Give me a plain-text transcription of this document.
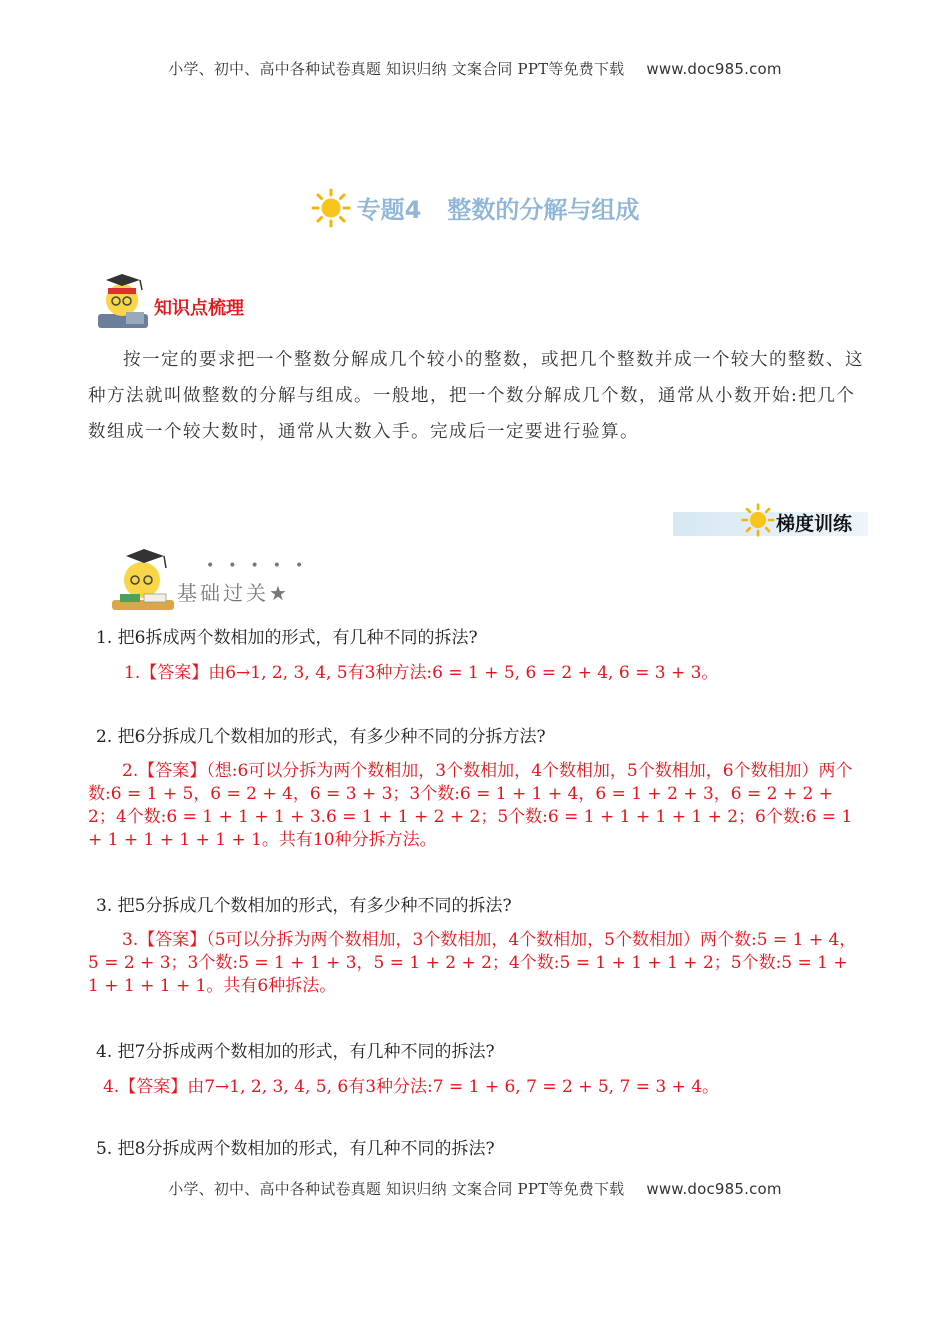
小学、初中、高中各种试卷真题 知识归纳 文案合同 PPT等免费下载 www.doc985.com
专题4 整数的分解与组成
知识点梳理
按一定的要求把一个整数分解成几个较小的整数，或把几个整数并成一个较大的整数、这种方法就叫做整数的分解与组成。一般地，把一个数分解成几个数，通常从小数开始:把几个数组成一个较大数时，通常从大数入手。完成后一定要进行验算。
梯度训练
•••••
基础过关★
1. 把6拆成两个数相加的形式，有几种不同的拆法?
1.【答案】由6→1, 2, 3, 4, 5有3种方法:6 = 1 + 5, 6 = 2 + 4, 6 = 3 + 3。
2. 把6分拆成几个数相加的形式，有多少种不同的分拆方法?
2.【答案】（想:6可以分拆为两个数相加，3个数相加，4个数相加，5个数相加，6个数相加）两个数:6 = 1 + 5，6 = 2 + 4，6 = 3 + 3；3个数:6 = 1 + 1 + 4，6 = 1 + 2 + 3，6 = 2 + 2 + 2；4个数:6 = 1 + 1 + 1 + 3.6 = 1 + 1 + 2 + 2；5个数:6 = 1 + 1 + 1 + 1 + 2；6个数:6 = 1 + 1 + 1 + 1 + 1 + 1。共有10种分拆方法。
3. 把5分拆成几个数相加的形式，有多少种不同的拆法?
3.【答案】（5可以分拆为两个数相加，3个数相加，4个数相加，5个数相加）两个数:5 = 1 + 4，5 = 2 + 3；3个数:5 = 1 + 1 + 3，5 = 1 + 2 + 2；4个数:5 = 1 + 1 + 1 + 2；5个数:5 = 1 + 1 + 1 + 1 + 1。共有6种拆法。
4. 把7分拆成两个数相加的形式，有几种不同的拆法?
4.【答案】由7→1, 2, 3, 4, 5, 6有3种分法:7 = 1 + 6, 7 = 2 + 5, 7 = 3 + 4。
5. 把8分拆成两个数相加的形式，有几种不同的拆法?
小学、初中、高中各种试卷真题 知识归纳 文案合同 PPT等免费下载 www.doc985.com
